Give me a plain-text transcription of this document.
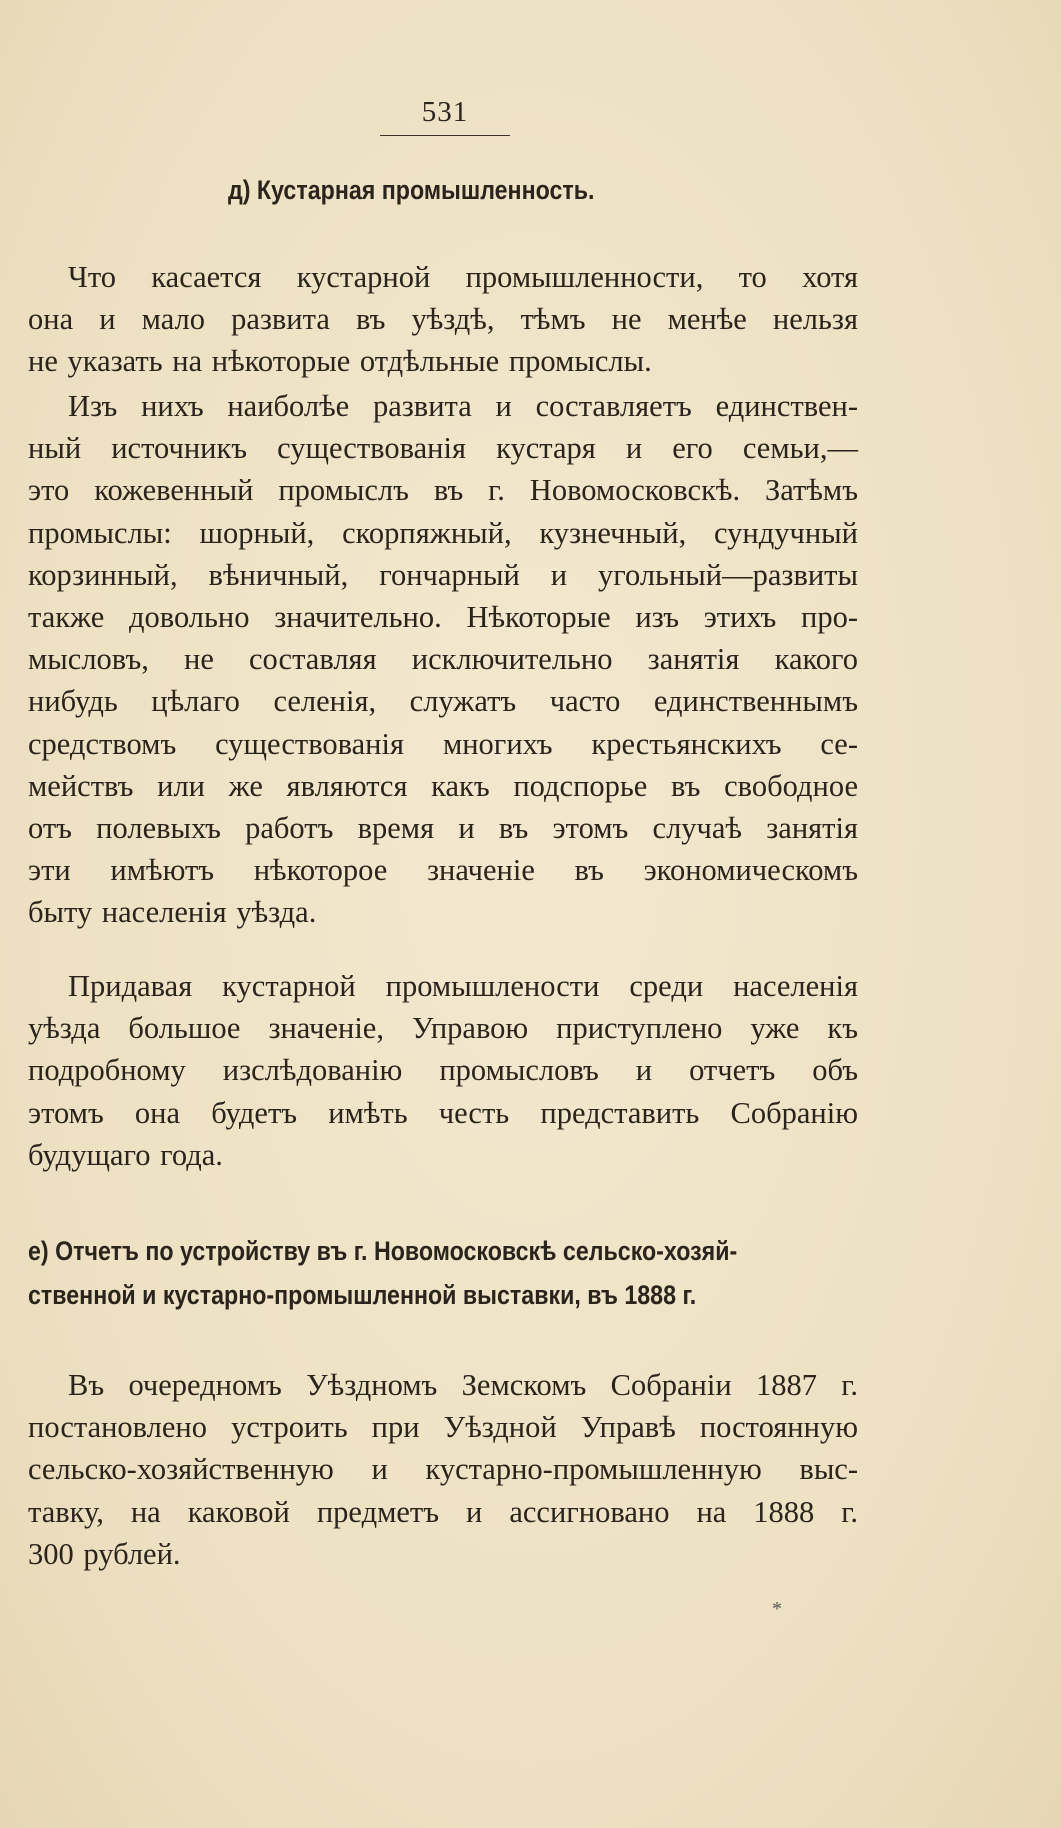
531
д) Кустарная промышленность.
Что касается кустарной промышленности, то хотя
она и мало развита въ уѣздѣ, тѣмъ не менѣе нельзя
не указать на нѣкоторые отдѣльные промыслы.
Изъ нихъ наиболѣе развита и составляетъ единствен-
ный источникъ существованія кустаря и его семьи,—
это кожевенный промыслъ въ г. Новомосковскѣ. Затѣмъ
промыслы: шорный, скорпяжный, кузнечный, сундучный
корзинный, вѣничный, гончарный и угольный—развиты
также довольно значительно. Нѣкоторые изъ этихъ про-
мысловъ, не составляя исключительно занятія какого
нибудь цѣлаго селенія, служатъ часто единственнымъ
средствомъ существованія многихъ крестьянскихъ се-
мействъ или же являются какъ подспорье въ свободное
отъ полевыхъ работъ время и въ этомъ случаѣ занятія
эти имѣютъ нѣкоторое значеніе въ экономическомъ
быту населенія уѣзда.
Придавая кустарной промышлености среди населенія
уѣзда большое значеніе, Управою приступлено уже къ
подробному изслѣдованію промысловъ и отчетъ объ
этомъ она будетъ имѣть честь представить Собранію
будущаго года.
е) Отчетъ по устройству въ г. Новомосковскѣ сельско-хозяй-
ственной и кустарно-промышленной выставки, въ 1888 г.
Въ очередномъ Уѣздномъ Земскомъ Собраніи 1887 г.
постановлено устроить при Уѣздной Управѣ постоянную
сельско-хозяйственную и кустарно-промышленную выс-
тавку, на каковой предметъ и ассигновано на 1888 г.
300 рублей.
*
